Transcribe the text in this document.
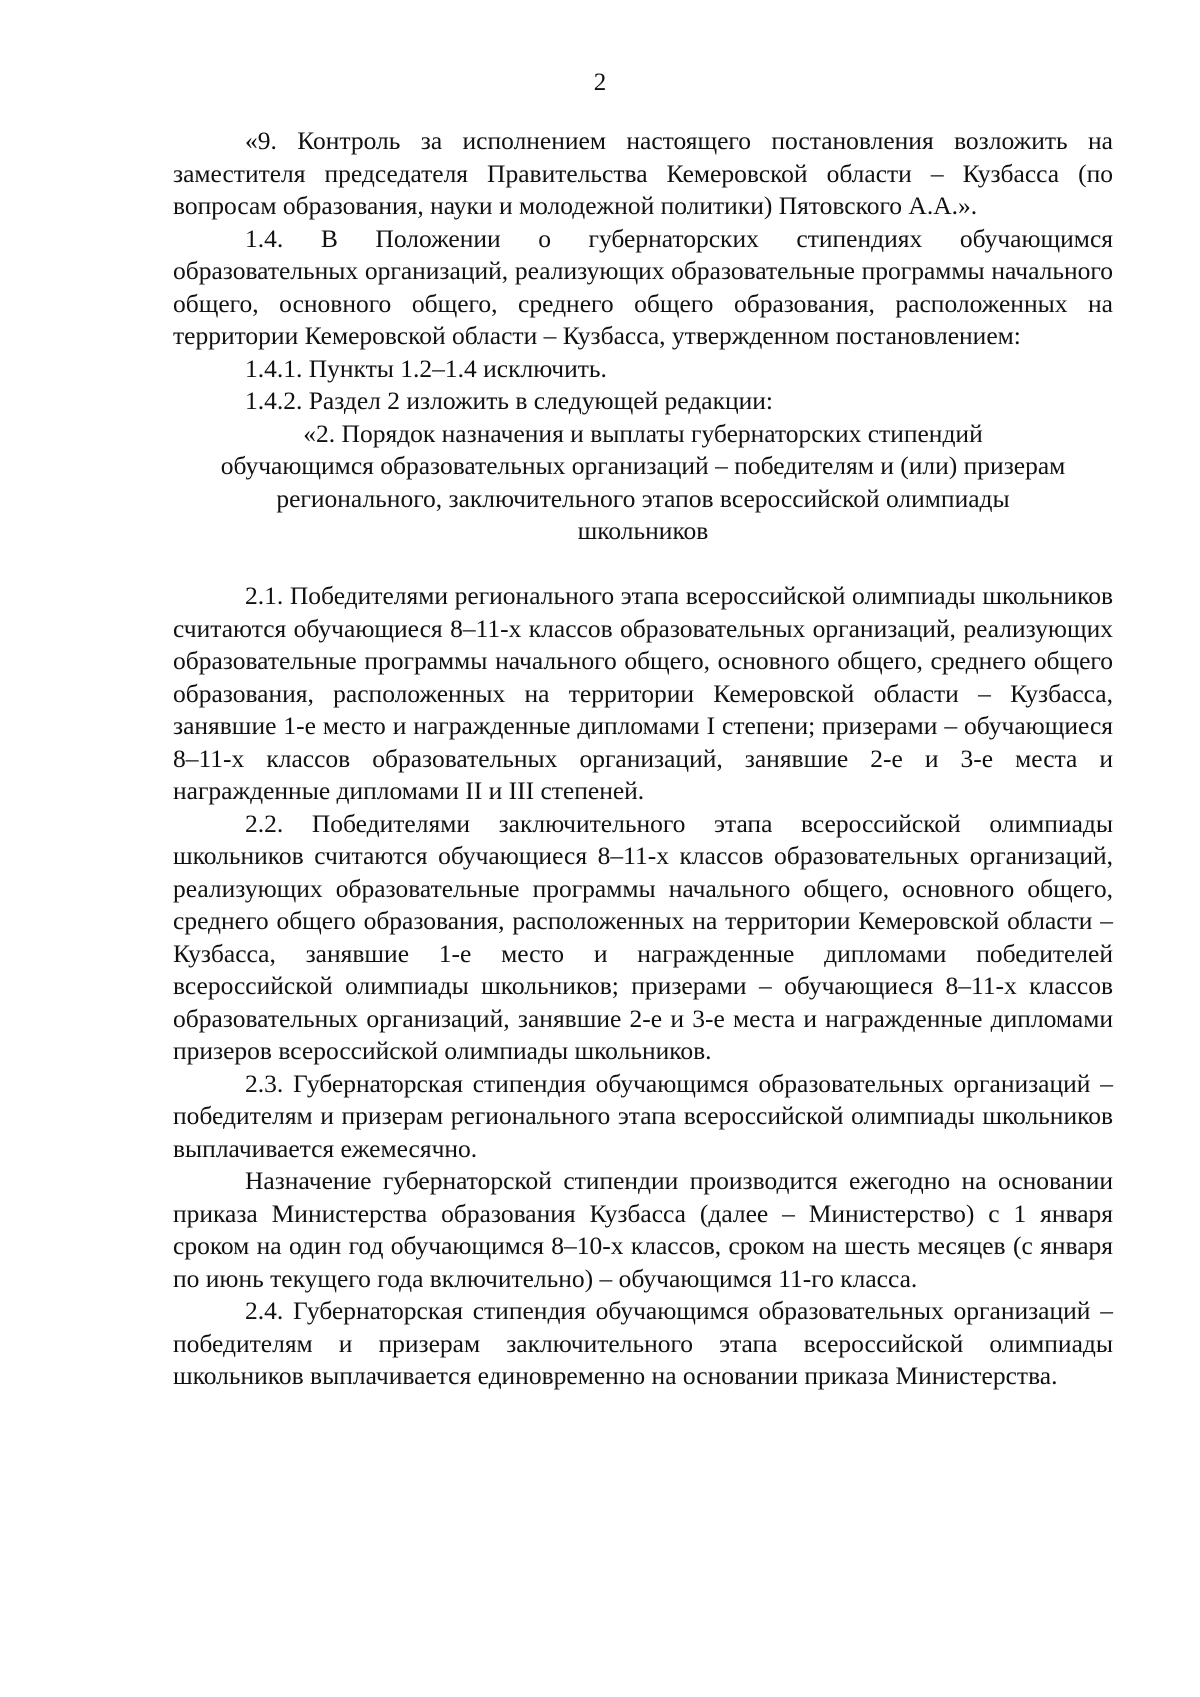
2

«9. Контроль за исполнением настоящего постановления возложить на заместителя председателя Правительства Кемеровской области – Кузбасса (по вопросам образования, науки и молодежной политики) Пятовского А.А.».

1.4. В Положении о губернаторских стипендиях обучающимся образовательных организаций, реализующих образовательные программы начального общего, основного общего, среднего общего образования, расположенных на территории Кемеровской области – Кузбасса, утвержденном постановлением:

1.4.1. Пункты 1.2–1.4 исключить.

1.4.2. Раздел 2 изложить в следующей редакции:

«2. Порядок назначения и выплаты губернаторских стипендий

обучающимся образовательных организаций – победителям и (или) призерам

регионального, заключительного этапов всероссийской олимпиады

школьников

2.1. Победителями регионального этапа всероссийской олимпиады школьников считаются обучающиеся 8–11-х классов образовательных организаций, реализующих образовательные программы начального общего, основного общего, среднего общего образования, расположенных на территории Кемеровской области – Кузбасса, занявшие 1-е место и награжденные дипломами I степени; призерами – обучающиеся 8–11-х классов образовательных организаций, занявшие 2-е и 3-е места и награжденные дипломами II и III степеней.

2.2. Победителями заключительного этапа всероссийской олимпиады школьников считаются обучающиеся 8–11-х классов образовательных организаций, реализующих образовательные программы начального общего, основного общего, среднего общего образования, расположенных на территории Кемеровской области – Кузбасса, занявшие 1-е место и награжденные дипломами победителей всероссийской олимпиады школьников; призерами – обучающиеся 8–11-х классов образовательных организаций, занявшие 2-е и 3-е места и награжденные дипломами призеров всероссийской олимпиады школьников.

2.3. Губернаторская стипендия обучающимся образовательных организаций – победителям и призерам регионального этапа всероссийской олимпиады школьников выплачивается ежемесячно.

Назначение губернаторской стипендии производится ежегодно на основании приказа Министерства образования Кузбасса (далее – Министерство) с 1 января сроком на один год обучающимся 8–10-х классов, сроком на шесть месяцев (с января по июнь текущего года включительно) – обучающимся 11-го класса.

2.4. Губернаторская стипендия обучающимся образовательных организаций – победителям и призерам заключительного этапа всероссийской олимпиады школьников выплачивается единовременно на основании приказа Министерства.
